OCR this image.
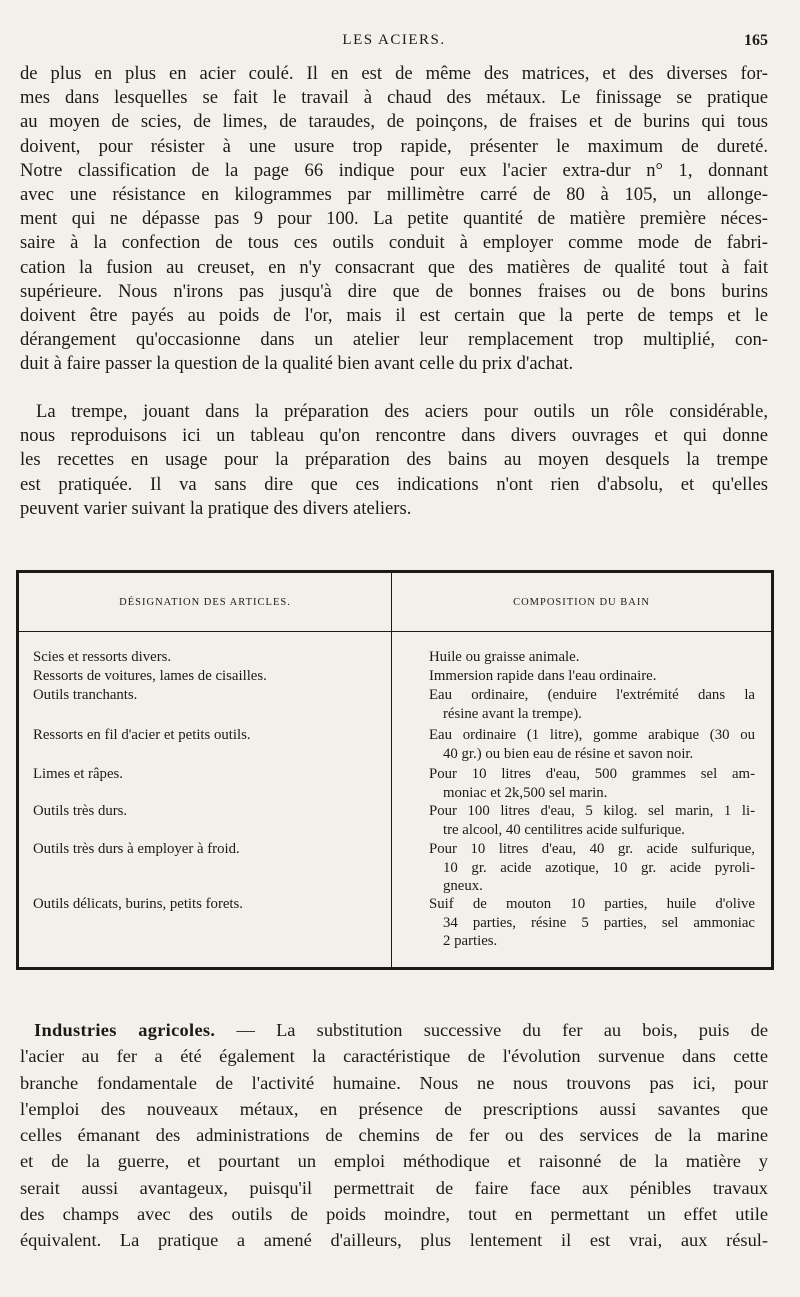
LES ACIERS.	165

de plus en plus en acier coulé. Il en est de même des matrices, et des diverses for-
mes dans lesquelles se fait le travail à chaud des métaux. Le finissage se pratique
au moyen de scies, de limes, de taraudes, de poinçons, de fraises et de burins qui tous
doivent, pour résister à une usure trop rapide, présenter le maximum de dureté.
Notre classification de la page 66 indique pour eux l'acier extra-dur n° 1, donnant
avec une résistance en kilogrammes par millimètre carré de 80 à 105, un allonge-
ment qui ne dépasse pas 9 pour 100. La petite quantité de matière première néces-
saire à la confection de tous ces outils conduit à employer comme mode de fabri-
cation la fusion au creuset, en n'y consacrant que des matières de qualité tout à fait
supérieure. Nous n'irons pas jusqu'à dire que de bonnes fraises ou de bons burins
doivent être payés au poids de l'or, mais il est certain que la perte de temps et le
dérangement qu'occasionne dans un atelier leur remplacement trop multiplié, con-
duit à faire passer la question de la qualité bien avant celle du prix d'achat.

La trempe, jouant dans la préparation des aciers pour outils un rôle considérable,
nous reproduisons ici un tableau qu'on rencontre dans divers ouvrages et qui donne
les recettes en usage pour la préparation des bains au moyen desquels la trempe
est pratiquée. Il va sans dire que ces indications n'ont rien d'absolu, et qu'elles
peuvent varier suivant la pratique des divers ateliers.

DÉSIGNATION DES ARTICLES.	COMPOSITION DU BAIN

Scies et ressorts divers.	Huile ou graisse animale.

Ressorts de voitures, lames de cisailles.	Immersion rapide dans l'eau ordinaire.

Outils tranchants.	Eau ordinaire, (enduire l'extrémité dans la
résine avant la trempe).

Ressorts en fil d'acier et petits outils.	Eau ordinaire (1 litre), gomme arabique (30 ou
40 gr.) ou bien eau de résine et savon noir.

Limes et râpes.	Pour 10 litres d'eau, 500 grammes sel am-
moniac et 2k,500 sel marin.

Outils très durs.	Pour 100 litres d'eau, 5 kilog. sel marin, 1 li-
tre alcool, 40 centilitres acide sulfurique.

Outils très durs à employer à froid.	Pour 10 litres d'eau, 40 gr. acide sulfurique,
10 gr. acide azotique, 10 gr. acide pyroli-
gneux.

Outils délicats, burins, petits forets.	Suif de mouton 10 parties, huile d'olive
34 parties, résine 5 parties, sel ammoniac
2 parties.

Industries agricoles. — La substitution successive du fer au bois, puis de
l'acier au fer a été également la caractéristique de l'évolution survenue dans cette
branche fondamentale de l'activité humaine. Nous ne nous trouvons pas ici, pour
l'emploi des nouveaux métaux, en présence de prescriptions aussi savantes que
celles émanant des administrations de chemins de fer ou des services de la marine
et de la guerre, et pourtant un emploi méthodique et raisonné de la matière y
serait aussi avantageux, puisqu'il permettrait de faire face aux pénibles travaux
des champs avec des outils de poids moindre, tout en permettant un effet utile
équivalent. La pratique a amené d'ailleurs, plus lentement il est vrai, aux résul-
